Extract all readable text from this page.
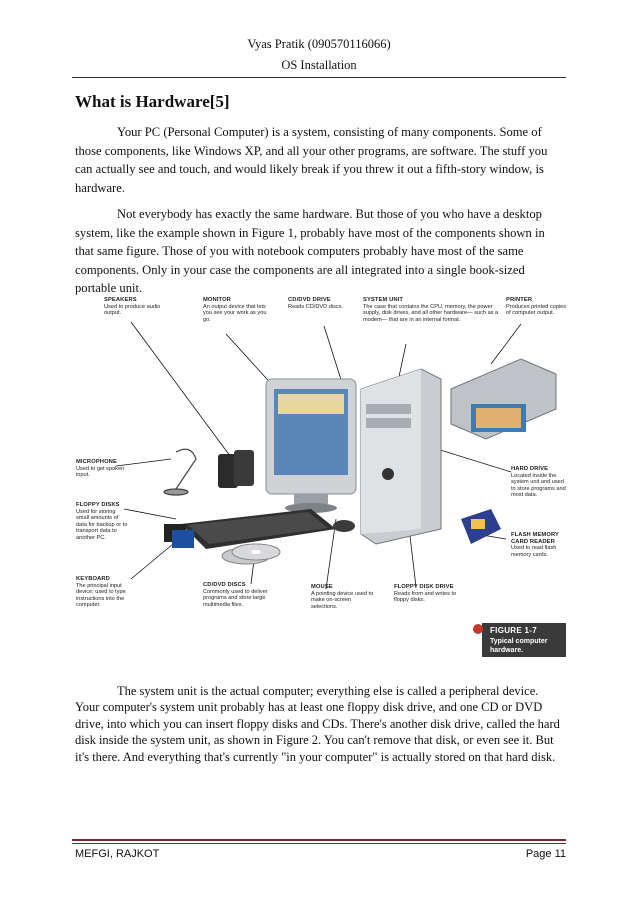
Vyas Pratik (090570116066)
OS Installation
What is Hardware[5]

Your PC (Personal Computer) is a system, consisting of many components. Some of those components, like Windows XP, and all your other programs, are software. The stuff you can actually see and touch, and would likely break if you threw it out a fifth-story window, is hardware.

Not everybody has exactly the same hardware. But those of you who have a desktop system, like the example shown in Figure 1, probably have most of the components shown in that same figure. Those of you with notebook computers probably have most of the same components. Only in your case the components are all integrated into a single book-sized portable unit.

SPEAKERS
Used to produce audio output.
MONITOR
An output device that lets you see your work as you go.
CD/DVD DRIVE
Reads CD/DVD discs.
SYSTEM UNIT
The case that contains the CPU, memory, the power supply, disk drives, and all other hardware— such as a modem— that are in an internal format.
PRINTER
Produces printed copies of computer output.
MICROPHONE
Used to get spoken input.
HARD DRIVE
Located inside the system unit and used to store programs and most data.
FLOPPY DISKS
Used for storing small amounts of data for backup or to transport data to another PC.	FLASH MEMORY CARD READER
Used to read flash memory cards.
KEYBOARD
The principal input device; used to type instructions into the computer.
CD/DVD DISCS
Commonly used to deliver programs and store large multimedia files.
MOUSE
A pointing device used to make on-screen selections.
FLOPPY DISK DRIVE
Reads from and writes to floppy disks.
FIGURE 1-7
Typical computer hardware.

The system unit is the actual computer; everything else is called a peripheral device. Your computer's system unit probably has at least one floppy disk drive, and one CD or DVD drive, into which you can insert floppy disks and CDs. There's another disk drive, called the hard disk inside the system unit, as shown in Figure 2. You can't remove that disk, or even see it. But it's there. And everything that's currently "in your computer" is actually stored on that hard disk.

MEFGI, RAJKOT	Page 11
